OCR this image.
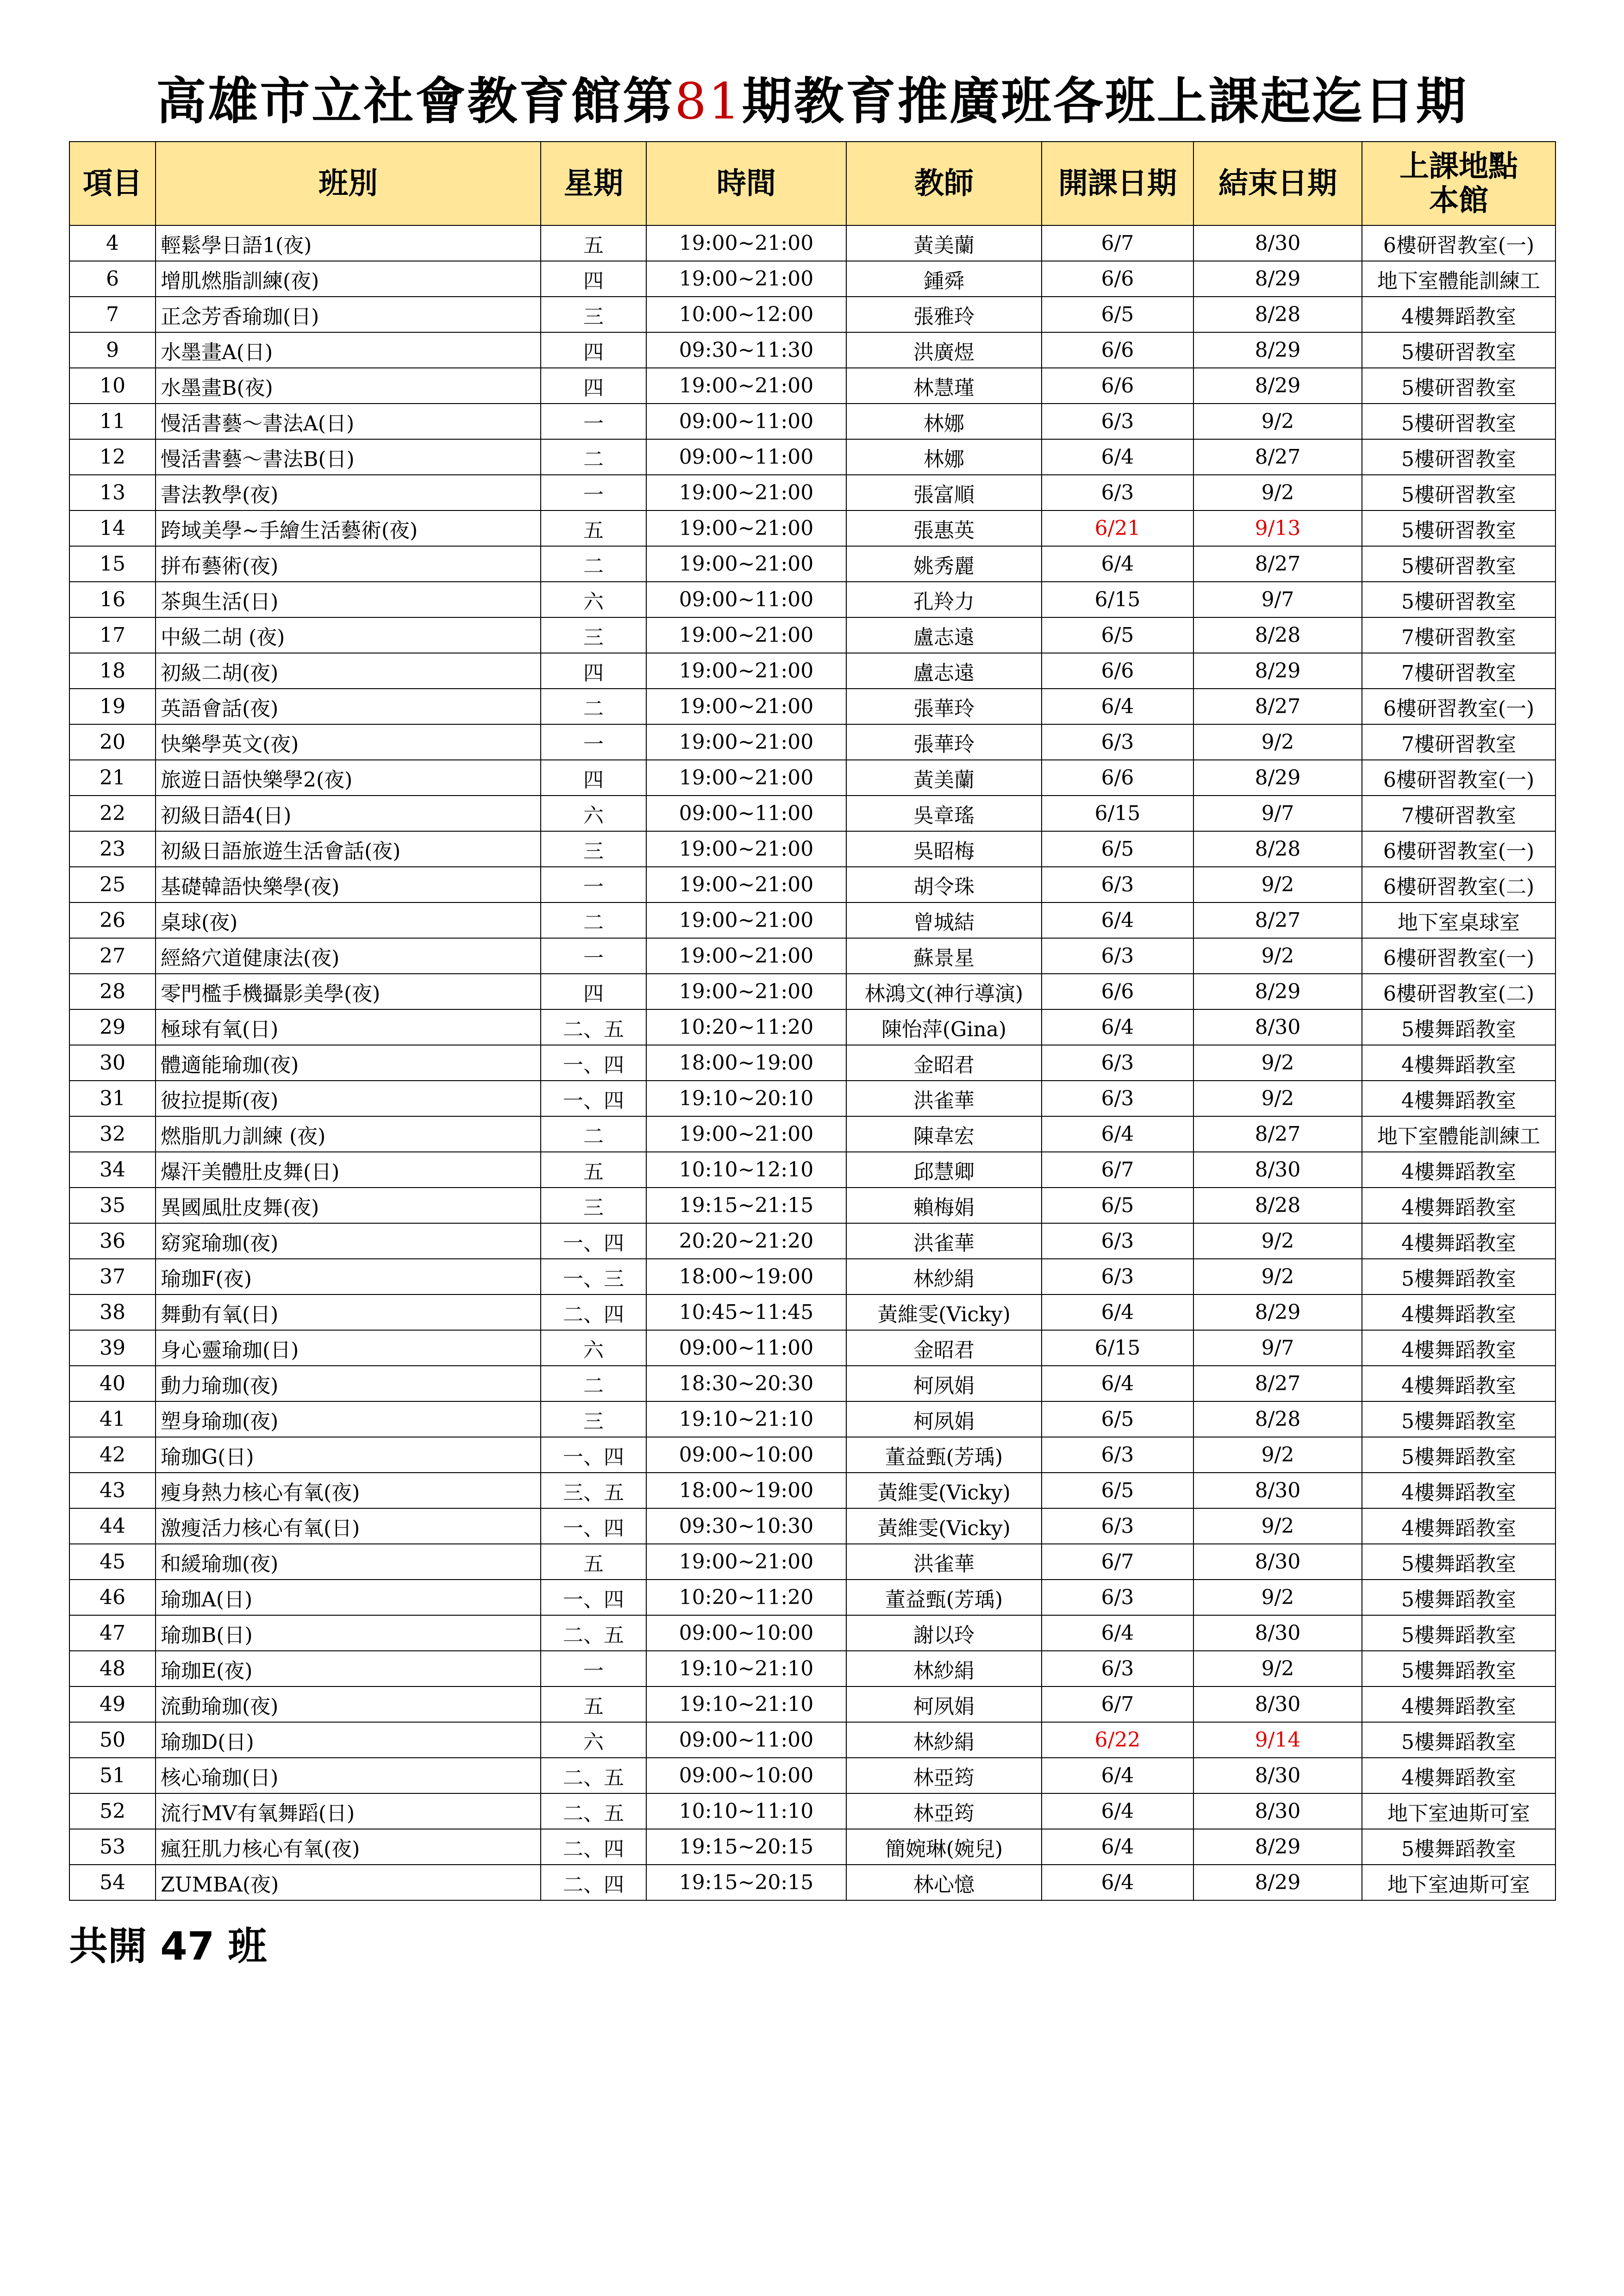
高雄市立社會教育館第81期教育推廣班各班上課起迄日期
項目	班別	星期	時間	教師	開課日期	結束日期	上課地點
本館
4	輕鬆學日語1(夜)	五	19:00~21:00	黃美蘭	6/7	8/30	6樓研習教室(一)
6	增肌燃脂訓練(夜)	四	19:00~21:00	鍾舜	6/6	8/29	地下室體能訓練工
7	正念芳香瑜珈(日)	三	10:00~12:00	張雅玲	6/5	8/28	4樓舞蹈教室
9	水墨畫A(日)	四	09:30~11:30	洪廣煜	6/6	8/29	5樓研習教室
10	水墨畫B(夜)	四	19:00~21:00	林慧瑾	6/6	8/29	5樓研習教室
11	慢活書藝～書法A(日)	一	09:00~11:00	林娜	6/3	9/2	5樓研習教室
12	慢活書藝～書法B(日)	二	09:00~11:00	林娜	6/4	8/27	5樓研習教室
13	書法教學(夜)	一	19:00~21:00	張富順	6/3	9/2	5樓研習教室
14	跨域美學~手繪生活藝術(夜)	五	19:00~21:00	張惠英	6/21	9/13	5樓研習教室
15	拼布藝術(夜)	二	19:00~21:00	姚秀麗	6/4	8/27	5樓研習教室
16	茶與生活(日)	六	09:00~11:00	孔羚力	6/15	9/7	5樓研習教室
17	中級二胡 (夜)	三	19:00~21:00	盧志遠	6/5	8/28	7樓研習教室
18	初級二胡(夜)	四	19:00~21:00	盧志遠	6/6	8/29	7樓研習教室
19	英語會話(夜)	二	19:00~21:00	張華玲	6/4	8/27	6樓研習教室(一)
20	快樂學英文(夜)	一	19:00~21:00	張華玲	6/3	9/2	7樓研習教室
21	旅遊日語快樂學2(夜)	四	19:00~21:00	黃美蘭	6/6	8/29	6樓研習教室(一)
22	初級日語4(日)	六	09:00~11:00	吳章瑤	6/15	9/7	7樓研習教室
23	初級日語旅遊生活會話(夜)	三	19:00~21:00	吳昭梅	6/5	8/28	6樓研習教室(一)
25	基礎韓語快樂學(夜)	一	19:00~21:00	胡令珠	6/3	9/2	6樓研習教室(二)
26	桌球(夜)	二	19:00~21:00	曾城結	6/4	8/27	地下室桌球室
27	經絡穴道健康法(夜)	一	19:00~21:00	蘇景星	6/3	9/2	6樓研習教室(一)
28	零門檻手機攝影美學(夜)	四	19:00~21:00	林鴻文(神行導演)	6/6	8/29	6樓研習教室(二)
29	極球有氧(日)	二、五	10:20~11:20	陳怡萍(Gina)	6/4	8/30	5樓舞蹈教室
30	體適能瑜珈(夜)	一、四	18:00~19:00	金昭君	6/3	9/2	4樓舞蹈教室
31	彼拉提斯(夜)	一、四	19:10~20:10	洪雀華	6/3	9/2	4樓舞蹈教室
32	燃脂肌力訓練 (夜)	二	19:00~21:00	陳韋宏	6/4	8/27	地下室體能訓練工
34	爆汗美體肚皮舞(日)	五	10:10~12:10	邱慧卿	6/7	8/30	4樓舞蹈教室
35	異國風肚皮舞(夜)	三	19:15~21:15	賴梅娟	6/5	8/28	4樓舞蹈教室
36	窈窕瑜珈(夜)	一、四	20:20~21:20	洪雀華	6/3	9/2	4樓舞蹈教室
37	瑜珈F(夜)	一、三	18:00~19:00	林紗絹	6/3	9/2	5樓舞蹈教室
38	舞動有氧(日)	二、四	10:45~11:45	黃維雯(Vicky)	6/4	8/29	4樓舞蹈教室
39	身心靈瑜珈(日)	六	09:00~11:00	金昭君	6/15	9/7	4樓舞蹈教室
40	動力瑜珈(夜)	二	18:30~20:30	柯夙娟	6/4	8/27	4樓舞蹈教室
41	塑身瑜珈(夜)	三	19:10~21:10	柯夙娟	6/5	8/28	5樓舞蹈教室
42	瑜珈G(日)	一、四	09:00~10:00	董益甄(芳瑀)	6/3	9/2	5樓舞蹈教室
43	瘦身熱力核心有氧(夜)	三、五	18:00~19:00	黃維雯(Vicky)	6/5	8/30	4樓舞蹈教室
44	激瘦活力核心有氧(日)	一、四	09:30~10:30	黃維雯(Vicky)	6/3	9/2	4樓舞蹈教室
45	和緩瑜珈(夜)	五	19:00~21:00	洪雀華	6/7	8/30	5樓舞蹈教室
46	瑜珈A(日)	一、四	10:20~11:20	董益甄(芳瑀)	6/3	9/2	5樓舞蹈教室
47	瑜珈B(日)	二、五	09:00~10:00	謝以玲	6/4	8/30	5樓舞蹈教室
48	瑜珈E(夜)	一	19:10~21:10	林紗絹	6/3	9/2	5樓舞蹈教室
49	流動瑜珈(夜)	五	19:10~21:10	柯夙娟	6/7	8/30	4樓舞蹈教室
50	瑜珈D(日)	六	09:00~11:00	林紗絹	6/22	9/14	5樓舞蹈教室
51	核心瑜珈(日)	二、五	09:00~10:00	林亞筠	6/4	8/30	4樓舞蹈教室
52	流行MV有氧舞蹈(日)	二、五	10:10~11:10	林亞筠	6/4	8/30	地下室迪斯可室
53	瘋狂肌力核心有氧(夜)	二、四	19:15~20:15	簡婉琳(婉兒)	6/4	8/29	5樓舞蹈教室
54	ZUMBA(夜)	二、四	19:15~20:15	林心憶	6/4	8/29	地下室迪斯可室
共開 47 班
